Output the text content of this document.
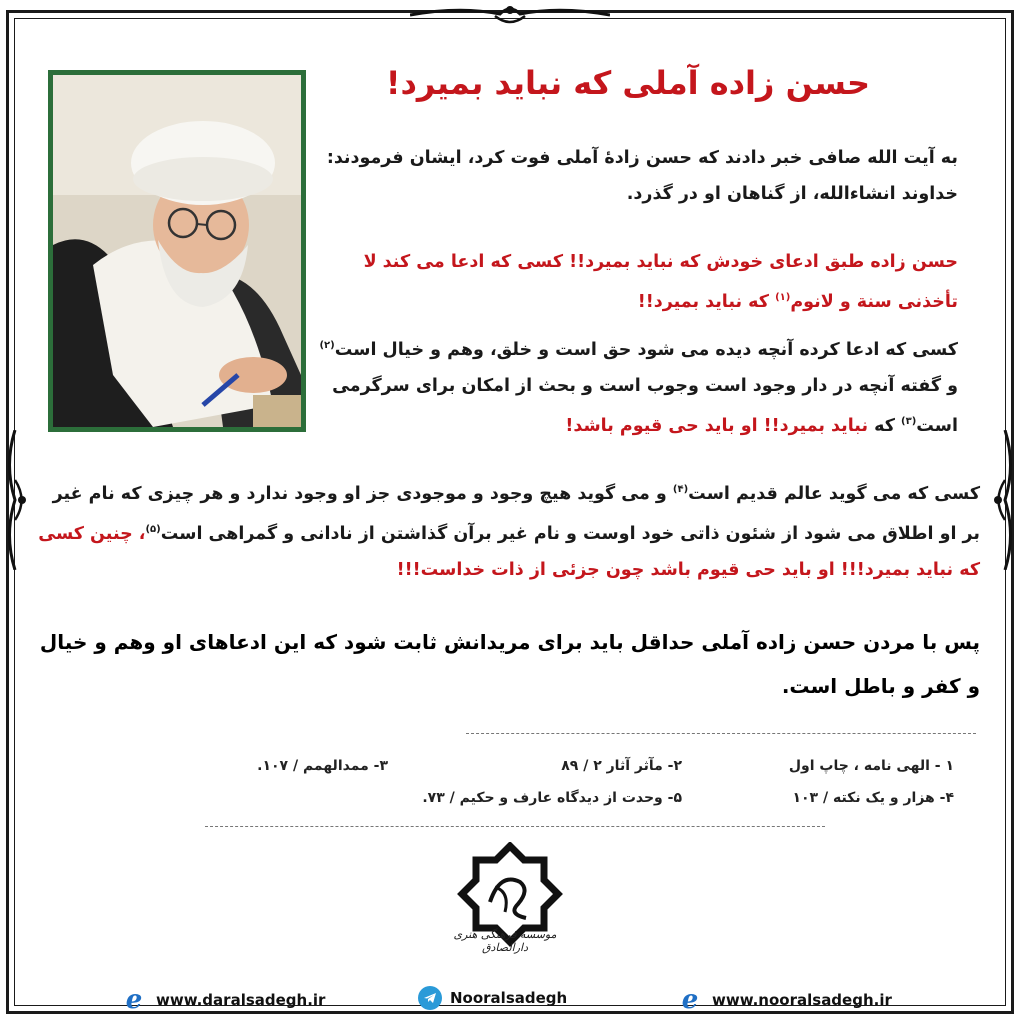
حسن زاده آملی که نباید بمیرد!
به آیت الله صافی خبر دادند که حسن زادهٔ آملی فوت کرد، ایشان فرمودند: خداوند انشاءالله، از گناهان او در گذرد.
حسن زاده طبق ادعای خودش که نباید بمیرد!! کسی که ادعا می کند لا تأخذنی سنة و لانوم$^{(۱)}$ که نباید بمیرد!!
کسی که ادعا کرده آنچه دیده می شود حق است و خلق، وهم و خیال است$^{(۲)}$ و گفته آنچه در دار وجود است وجوب است و بحث از امکان برای سرگرمی است$^{(۳)}$ که نباید بمیرد!! او باید حی قیوم باشد!
کسی که می گوید عالم قدیم است$^{(۴)}$ و می گوید هیچ وجود و موجودی جز او وجود ندارد و هر چیزی که نام غیر بر او اطلاق می شود از شئون ذاتی خود اوست و نام غیر برآن گذاشتن از نادانی و گمراهی است$^{(۵)}$، چنین کسی که نباید بمیرد!!! او باید حی قیوم باشد چون جزئی از ذات خداست!!!
پس با مردن حسن زاده آملی حداقل باید برای مریدانش ثابت شود که این ادعاهای او وهم و خیال و کفر و باطل است.
۱ - الهی نامه ، چاپ اول
۲- مآثر آثار ۲ / ۸۹
۳- ممدالهمم / ۱۰۷.
۴- هزار و یک نکته / ۱۰۳
۵- وحدت از دیدگاه عارف و حکیم / ۷۳.
موسسه فرهنگی هنری دارالصادق
e www.daralsadegh.ir	Nooralsadegh	e www.nooralsadegh.ir
